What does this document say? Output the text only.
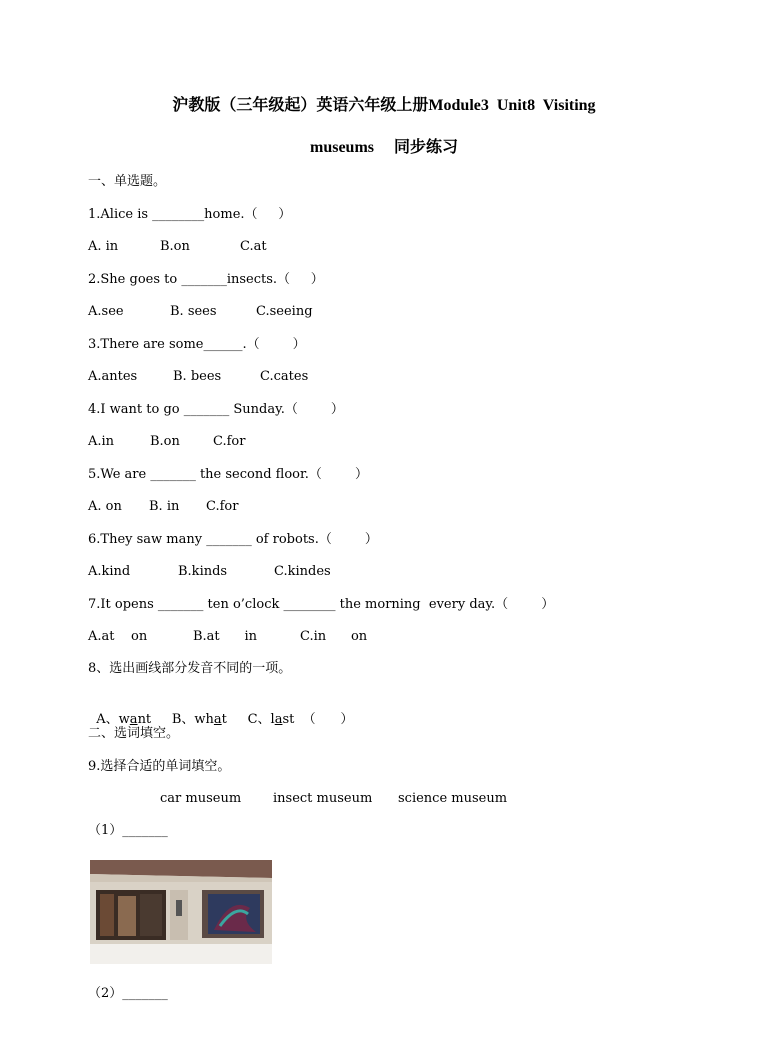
沪教版（三年级起）英语六年级上册Module3  Unit8  Visiting
museums     同步练习
一、单选题。
1.Alice is ________home.（     ）
A. in	B.on	C.at
2.She goes to _______insects.（     ）
A.see	B. sees	C.seeing
3.There are some______.（        ）
A.antes	B. bees	C.cates
4.I want to go _______ Sunday.（        ）
A.in	B.on	C.for
5.We are _______ the second floor.（        ）
A. on B. in C.for
6.They saw many _______ of robots.（        ）
A.kind	B.kinds	C.kindes
7.It opens _______ ten o’clock ________ the morning  every day.（        ）
A.at    on	B.at      in	C.in      on
8、选出画线部分发音不同的一项。

A、want B、what C、last （      ）

二、选词填空。
9.选择合适的单词填空。
car museum insect museum science museum
（1）_______
（2）_______
